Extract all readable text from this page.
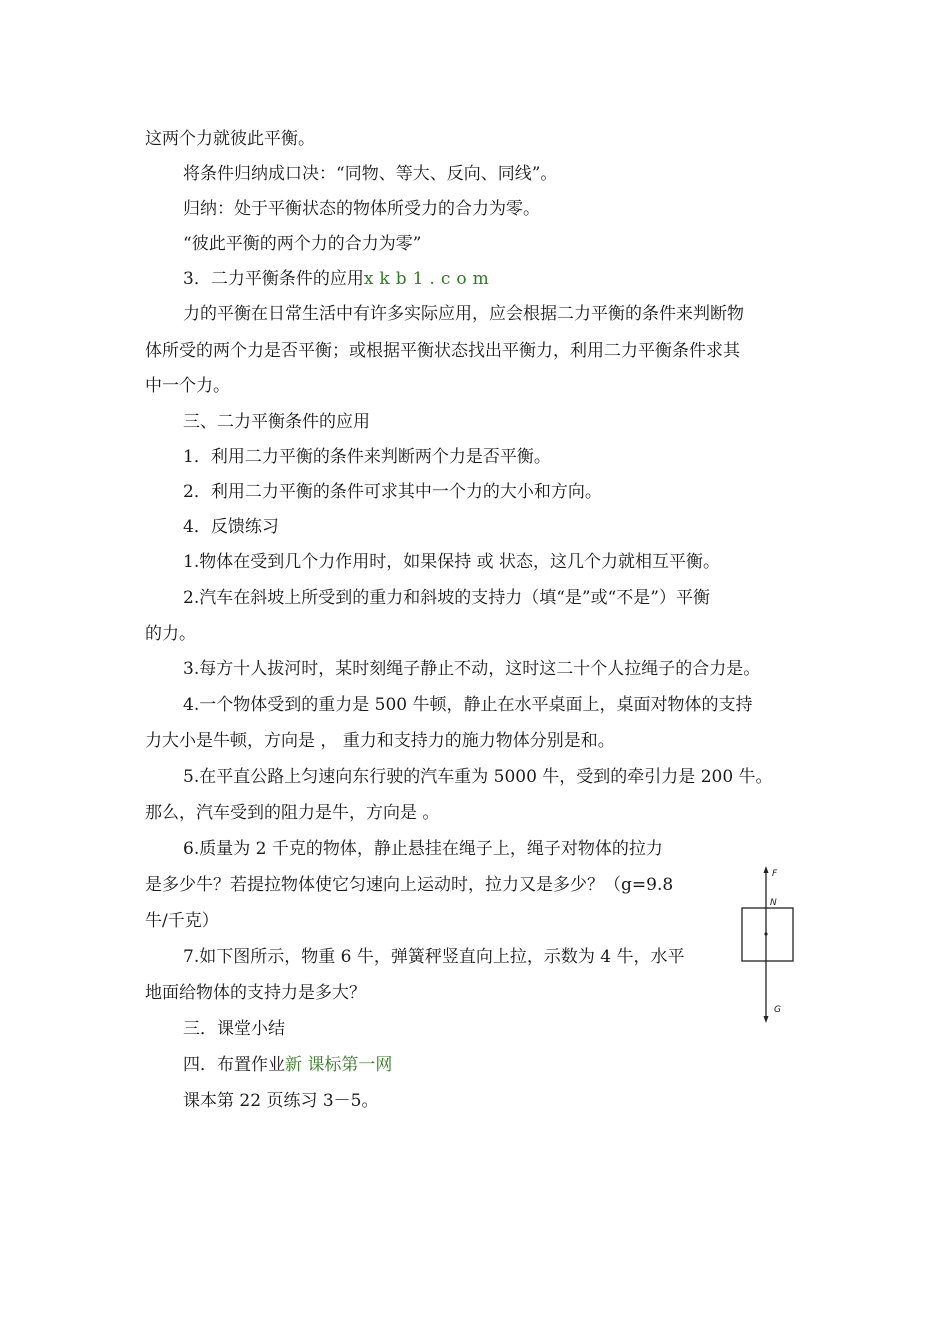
这两个力就彼此平衡。
将条件归纳成口决：“同物、等大、反向、同线”。
归纳：处于平衡状态的物体所受力的合力为零。
“彼此平衡的两个力的合力为零”
3．二力平衡条件的应用xkb1.com
力的平衡在日常生活中有许多实际应用，应会根据二力平衡的条件来判断物
体所受的两个力是否平衡；或根据平衡状态找出平衡力，利用二力平衡条件求其
中一个力。
三、二力平衡条件的应用
1．利用二力平衡的条件来判断两个力是否平衡。
2．利用二力平衡的条件可求其中一个力的大小和方向。
4．反馈练习
1.物体在受到几个力作用时，如果保持 或 状态，这几个力就相互平衡。
2.汽车在斜坡上所受到的重力和斜坡的支持力（填“是”或“不是”）平衡
的力。
3.每方十人拔河时，某时刻绳子静止不动，这时这二十个人拉绳子的合力是。
4.一个物体受到的重力是 500 牛顿，静止在水平桌面上，桌面对物体的支持
力大小是牛顿，方向是 ， 重力和支持力的施力物体分别是和。
5.在平直公路上匀速向东行驶的汽车重为 5000 牛，受到的牵引力是 200 牛。
那么，汽车受到的阻力是牛，方向是 。
6.质量为 2 千克的物体，静止悬挂在绳子上，绳子对物体的拉力
是多少牛？若提拉物体使它匀速向上运动时，拉力又是多少？（g=9.8
牛/千克）
7.如下图所示，物重 6 牛，弹簧秤竖直向上拉，示数为 4 牛，水平
地面给物体的支持力是多大？
三．课堂小结
四．布置作业新 课标第一网
课本第 22 页练习 3－5。
F
N
G
